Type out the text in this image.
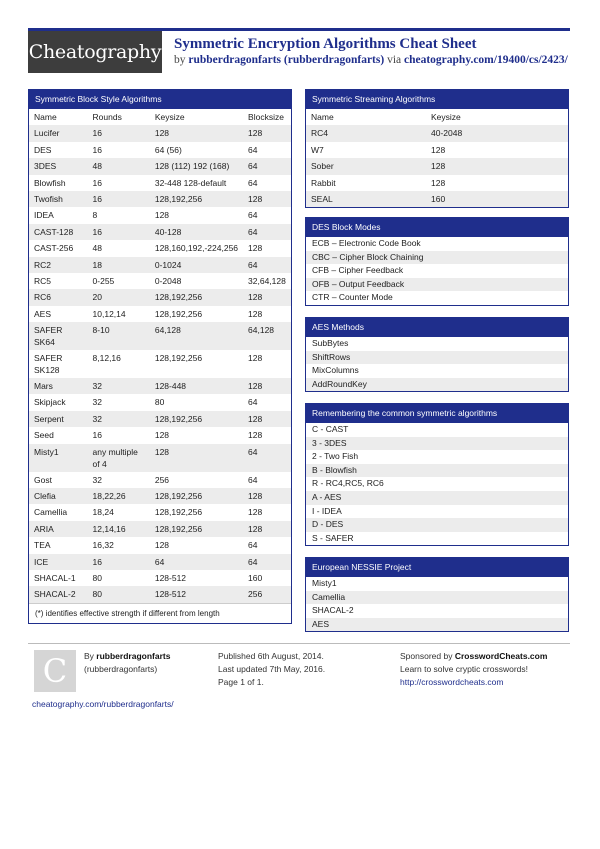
Cheatography Symmetric Encryption Algorithms Cheat Sheet
by rubberdragonfarts (rubberdragonfarts) via cheatography.com/19400/cs/2423/
Symmetric Block Style Algorithms
Name	Rounds	Keysize	Blocksize
Lucifer	16	128	128
DES	16	64 (56)	64
3DES	48	128 (112) 192 (168)	64
Blowfish	16	32-448 128-default	64
Twofish	16	128,192,256	128
IDEA	8	128	64
CAST-128	16	40-128	64
CAST-256	48	128,160,192,-224,256	128
RC2	18	0-1024	64
RC5	0-255	0-2048	32,64,128
RC6	20	128,192,256	128
AES	10,12,14	128,192,256	128
SAFER SK64	8-10	64,128	64,128
SAFER SK128	8,12,16	128,192,256	128
Mars	32	128-448	128
Skipjack	32	80	64
Serpent	32	128,192,256	128
Seed	16	128	128
Misty1	any multiple of 4	128	64
Gost	32	256	64
Clefia	18,22,26	128,192,256	128
Camellia	18,24	128,192,256	128
ARIA	12,14,16	128,192,256	128
TEA	16,32	128	64
ICE	16	64	64
SHACAL-1	80	128-512	160
SHACAL-2	80	128-512	256
(*) identifies effective strength if different from length
Symmetric Streaming Algorithms
Name	Keysize
RC4	40-2048
W7	128
Sober	128
Rabbit	128
SEAL	160
DES Block Modes
ECB – Electronic Code Book
CBC – Cipher Block Chaining
CFB – Cipher Feedback
OFB – Output Feedback
CTR – Counter Mode
AES Methods
SubBytes
ShiftRows
MixColumns
AddRoundKey
Remembering the common symmetric algorithms
C - CAST
3 - 3DES
2 - Two Fish
B - Blowfish
R - RC4,RC5, RC6
A - AES
I - IDEA
D - DES
S - SAFER
European NESSIE Project
Misty1
Camellia
SHACAL-2
AES
C	By rubberdragonfarts
(rubberdragonfarts)
Published 6th August, 2014.
Last updated 7th May, 2016.
Page 1 of 1.
Sponsored by CrosswordCheats.com
Learn to solve cryptic crosswords!
http://crosswordcheats.com
cheatography.com/rubberdragonfarts/
